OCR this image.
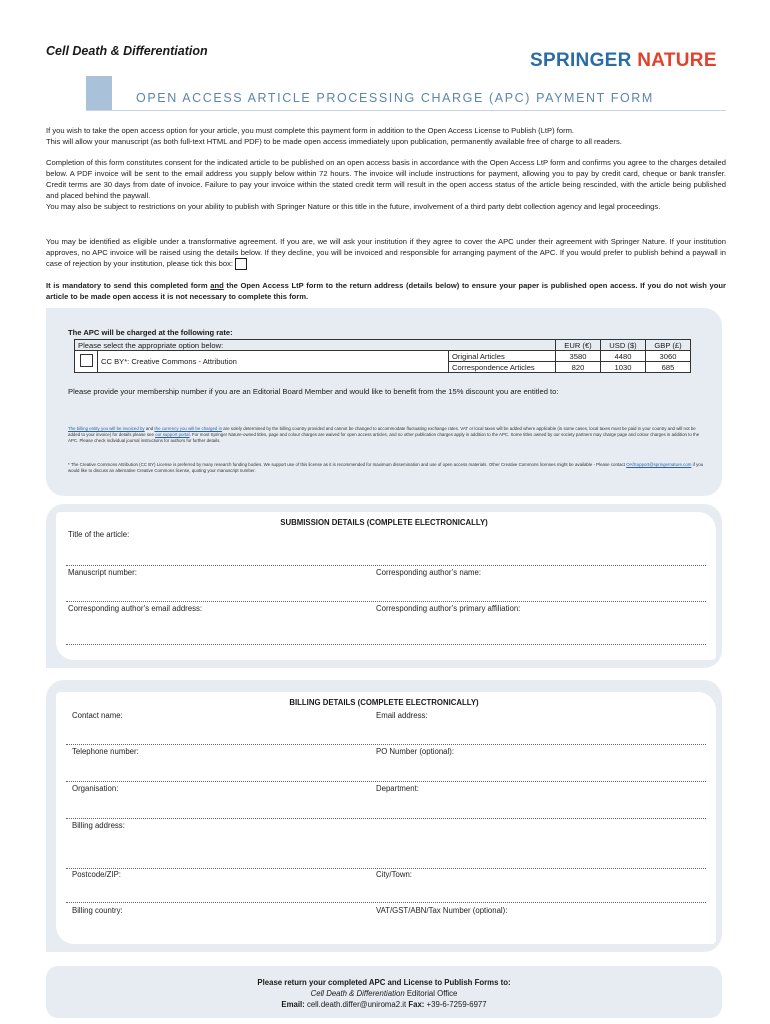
Cell Death & Differentiation	SPRINGER NATURE
OPEN ACCESS ARTICLE PROCESSING CHARGE (APC) PAYMENT FORM
If you wish to take the open access option for your article, you must complete this payment form in addition to the Open Access License to Publish (LtP) form.
This will allow your manuscript (as both full-text HTML and PDF) to be made open access immediately upon publication, permanently available free of charge to all readers.
Completion of this form constitutes consent for the indicated article to be published on an open access basis in accordance with the Open Access LtP form and confirms you agree to the charges detailed below. A PDF invoice will be sent to the email address you supply below within 72 hours. The invoice will include instructions for payment, allowing you to pay by credit card, cheque or bank transfer. Credit terms are 30 days from date of invoice. Failure to pay your invoice within the stated credit term will result in the open access status of the article being rescinded, with the article being published and placed behind the paywall.
You may also be subject to restrictions on your ability to publish with Springer Nature or this title in the future, involvement of a third party debt collection agency and legal proceedings.
You may be identified as eligible under a transformative agreement. If you are, we will ask your institution if they agree to cover the APC under their agreement with Springer Nature. If your institution approves, no APC invoice will be raised using the details below. If they decline, you will be invoiced and responsible for arranging payment of the APC. If you would prefer to publish behind a paywall in case of rejection by your institution, please tick this box:
It is mandatory to send this completed form and the Open Access LtP form to the return address (details below) to ensure your paper is published open access. If you do not wish your article to be made open access it is not necessary to complete this form.
The APC will be charged at the following rate:
Please select the appropriate option below:			EUR (€)	USD ($)	GBP (£)
	CC BY*: Creative Commons - Attribution	Original Articles	3580	4480	3060
		Correspondence Articles	820	1030	685
Please provide your membership number if you are an Editorial Board Member and would like to benefit from the 15% discount you are entitled to:
The billing entity you will be invoiced by and the currency you will be charged in are solely determined by the billing country provided and cannot be changed to accommodate fluctuating exchange rates. VAT or local taxes will be added where applicable (in some cases, local taxes must be paid in your country and will not be added to your invoice) for details please see our support portal. For most Springer Nature-owned titles, page and colour charges are waived for open access articles, and no other publication charges apply in addition to the APC. Some titles owned by our society partners may charge page and colour charges in addition to the APC. Please check individual journal instructions for authors for further details.
* The Creative Commons Attribution (CC BY) License is preferred by many research funding bodies. We support use of this license as it is recommended for maximum dissemination and use of open access materials. Other Creative Commons licenses might be available - Please contact OAfSupport@springernature.com if you would like to discuss an alternative Creative Commons license, quoting your manuscript number.
SUBMISSION DETAILS (COMPLETE ELECTRONICALLY)
Title of the article:
Manuscript number:	Corresponding author’s name:
Corresponding author’s email address:	Corresponding author’s primary affiliation:
BILLING DETAILS (COMPLETE ELECTRONICALLY)
Contact name:	Email address:
Telephone number:	PO Number (optional):
Organisation:	Department:
Billing address:
Postcode/ZIP:	City/Town:
Billing country:	VAT/GST/ABN/Tax Number (optional):
Please return your completed APC and License to Publish Forms to:
Cell Death & Differentiation Editorial Office
Email: cell.death.differ@uniroma2.it Fax: +39-6-7259-6977
